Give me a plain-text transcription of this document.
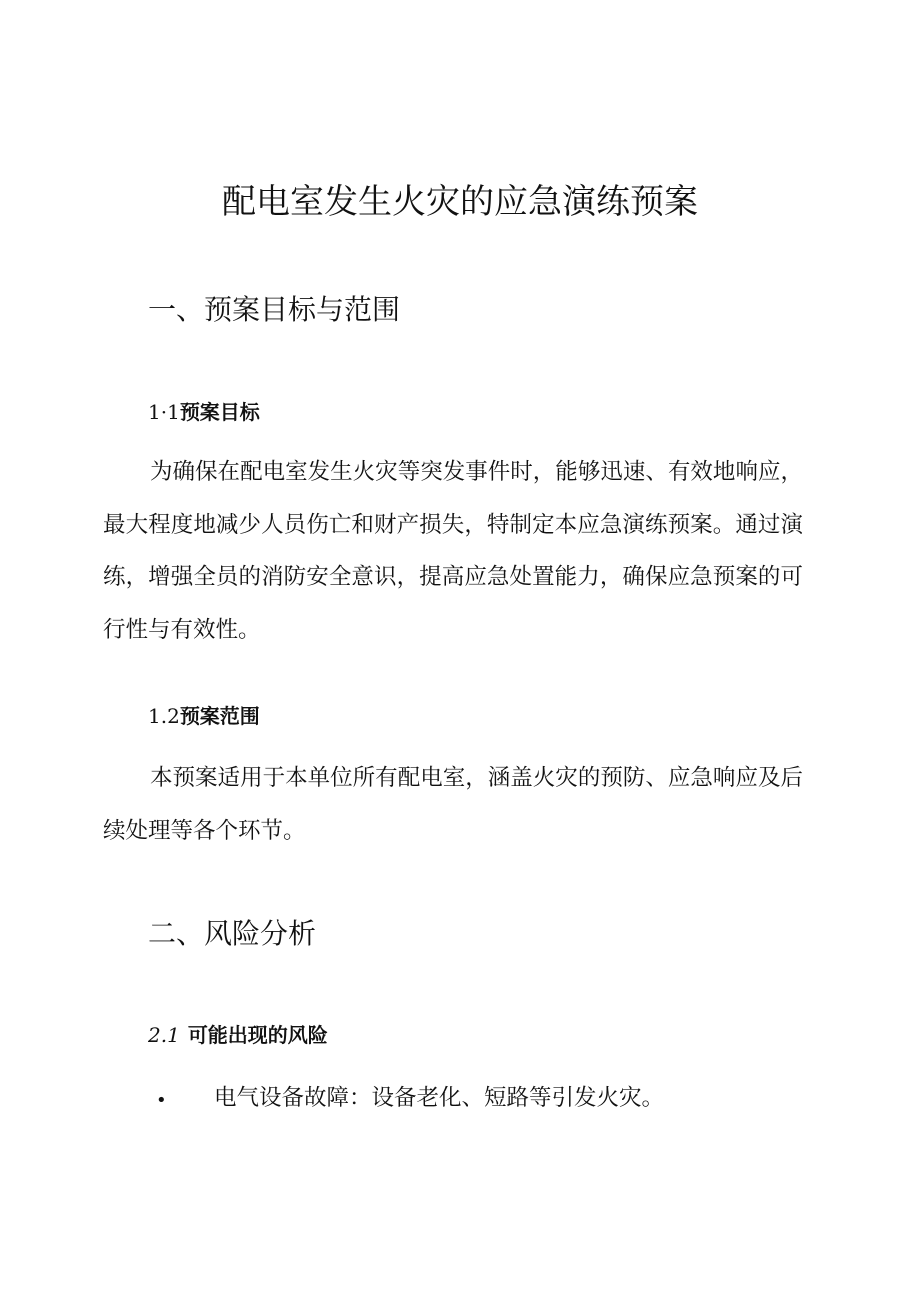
配电室发生火灾的应急演练预案
一、预案目标与范围
1·1预案目标

为确保在配电室发生火灾等突发事件时，能够迅速、有效地响应，最大程度地减少人员伤亡和财产损失，特制定本应急演练预案。通过演练，增强全员的消防安全意识，提高应急处置能力，确保应急预案的可行性与有效性。

1.2预案范围

本预案适用于本单位所有配电室，涵盖火灾的预防、应急响应及后续处理等各个环节。

二、风险分析
2.1 可能出现的风险
• 电气设备故障：设备老化、短路等引发火灾。
